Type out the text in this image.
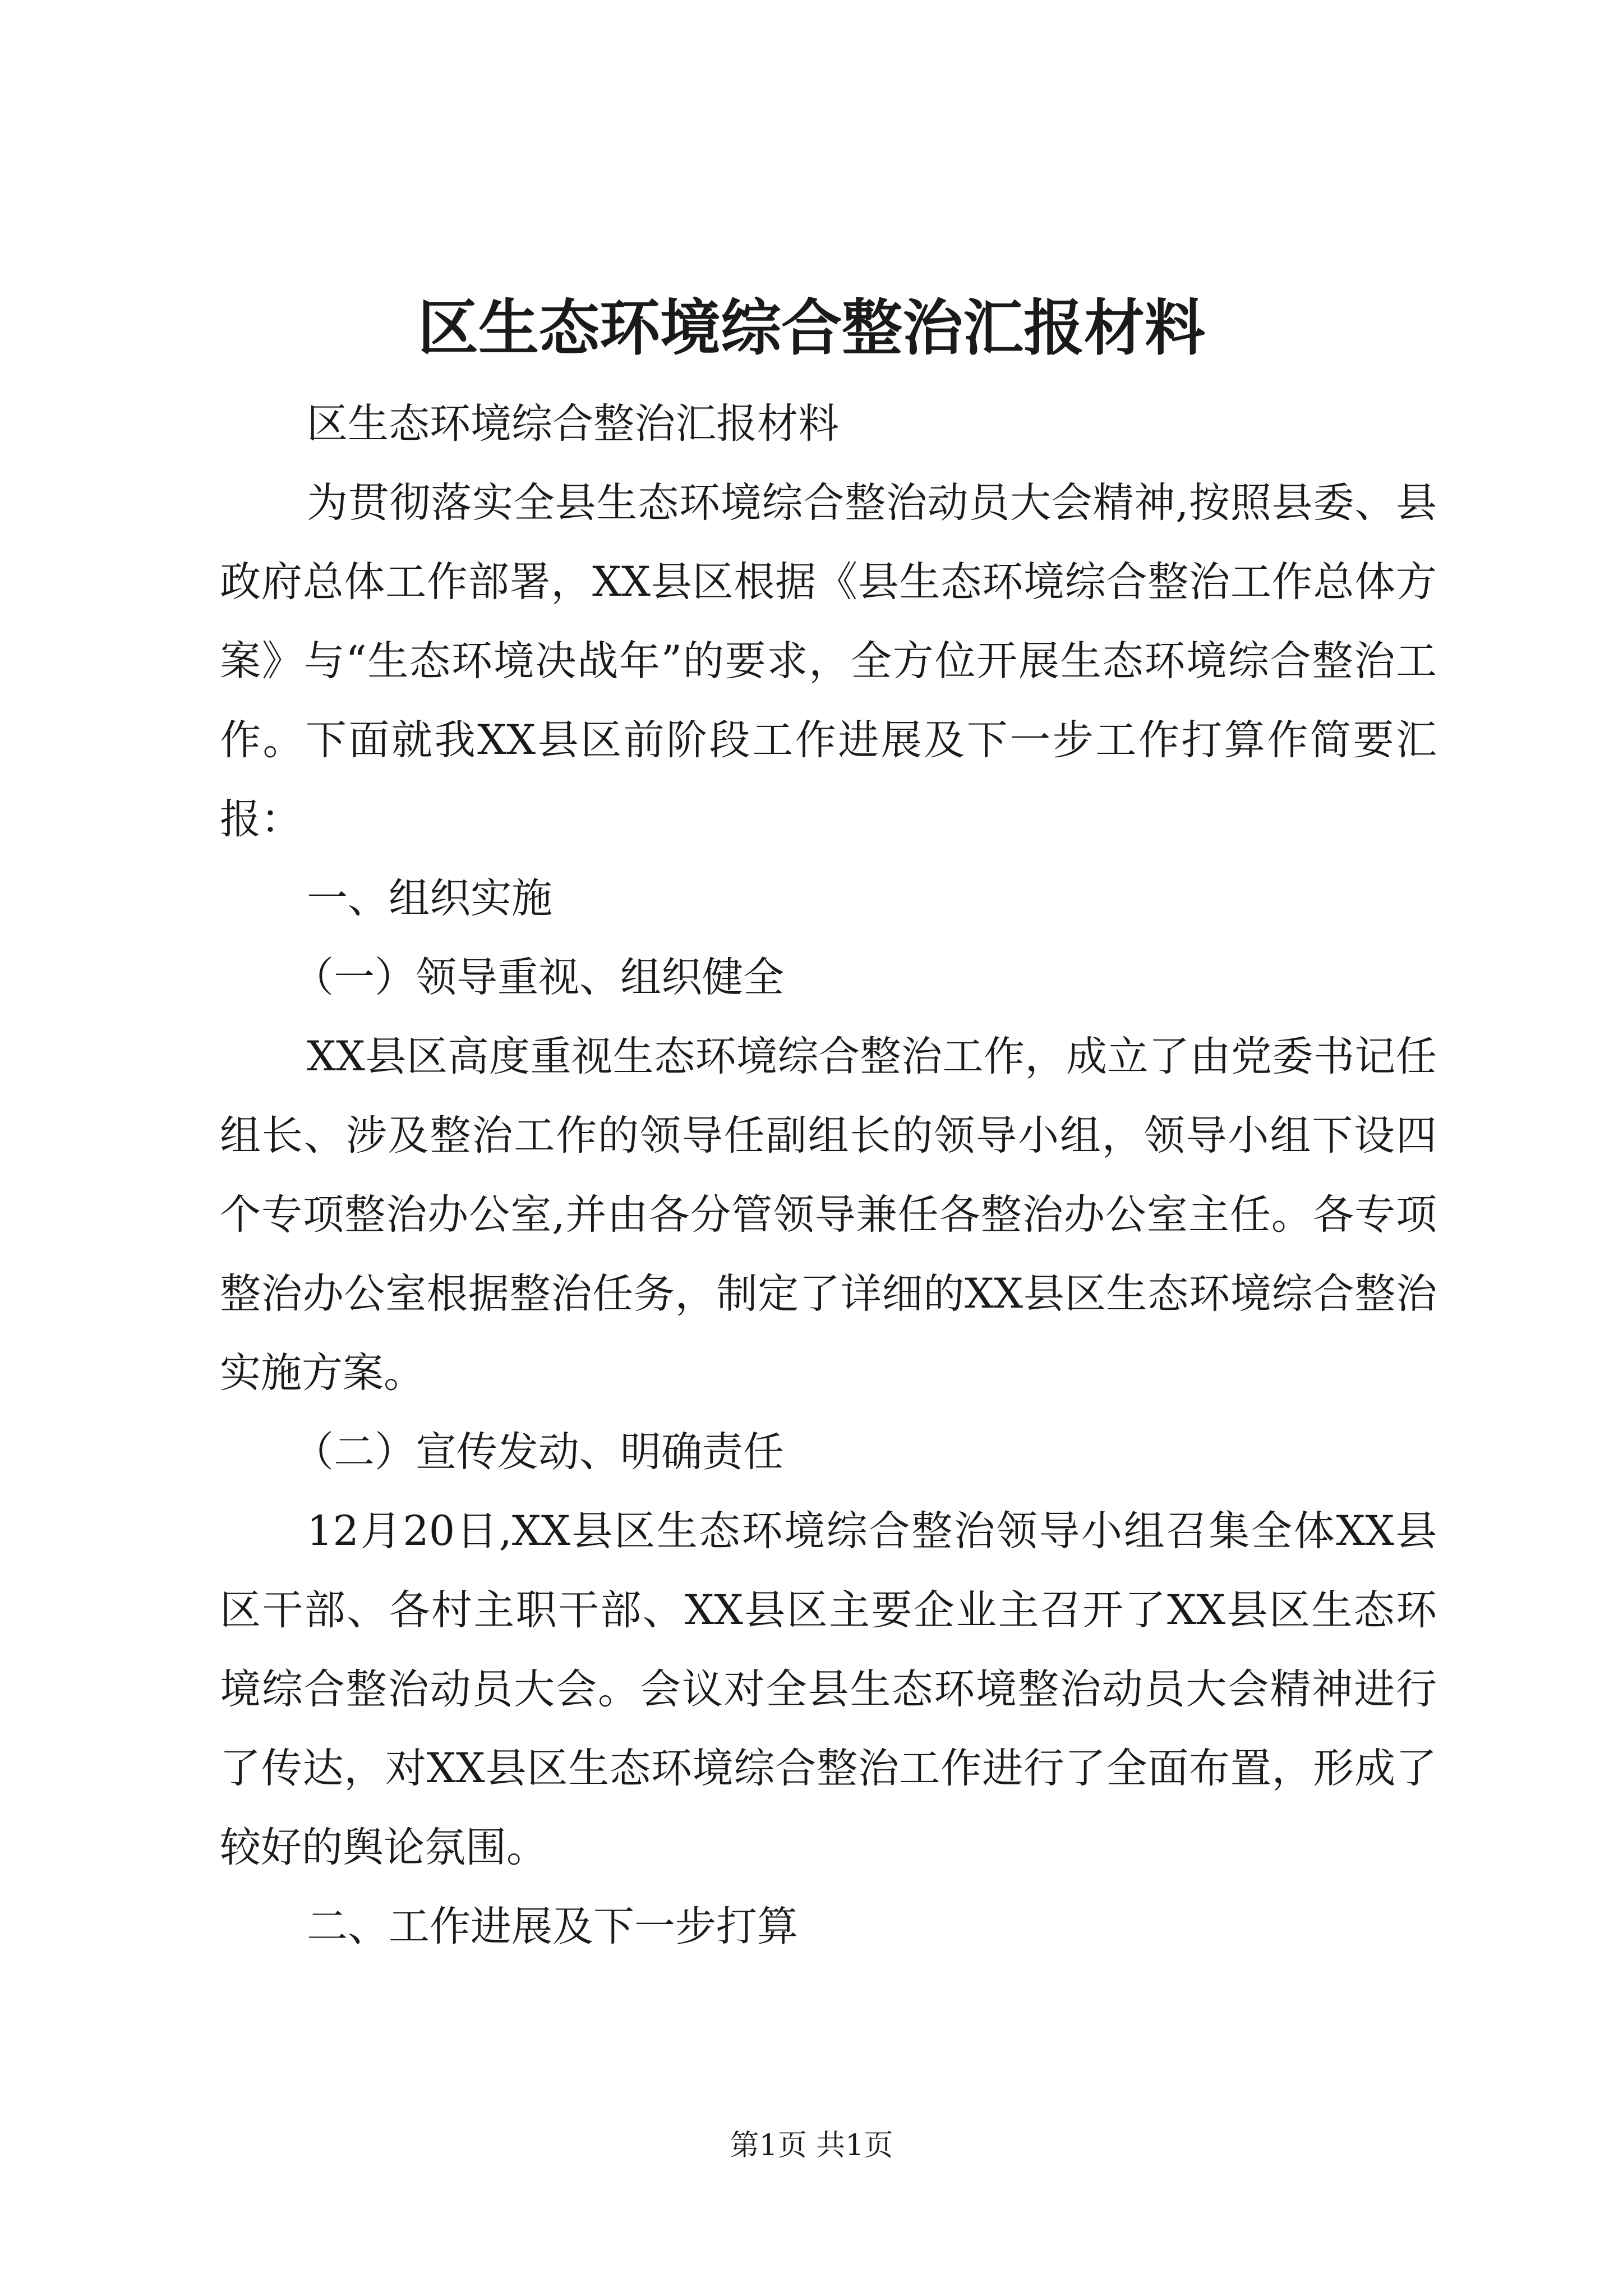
区生态环境综合整治汇报材料

区生态环境综合整治汇报材料

为贯彻落实全县生态环境综合整治动员大会精神,按照县委、县政府总体工作部署，XX县区根据《县生态环境综合整治工作总体方案》与“生态环境决战年”的要求，全方位开展生态环境综合整治工作。下面就我XX县区前阶段工作进展及下一步工作打算作简要汇报：

一、组织实施

（一）领导重视、组织健全

XX县区高度重视生态环境综合整治工作，成立了由党委书记任组长、涉及整治工作的领导任副组长的领导小组，领导小组下设四个专项整治办公室,并由各分管领导兼任各整治办公室主任。各专项整治办公室根据整治任务，制定了详细的XX县区生态环境综合整治实施方案。

（二）宣传发动、明确责任

12月20日,XX县区生态环境综合整治领导小组召集全体XX县区干部、各村主职干部、XX县区主要企业主召开了XX县区生态环境综合整治动员大会。会议对全县生态环境整治动员大会精神进行了传达，对XX县区生态环境综合整治工作进行了全面布置，形成了较好的舆论氛围。

二、工作进展及下一步打算

第1页 共1页
